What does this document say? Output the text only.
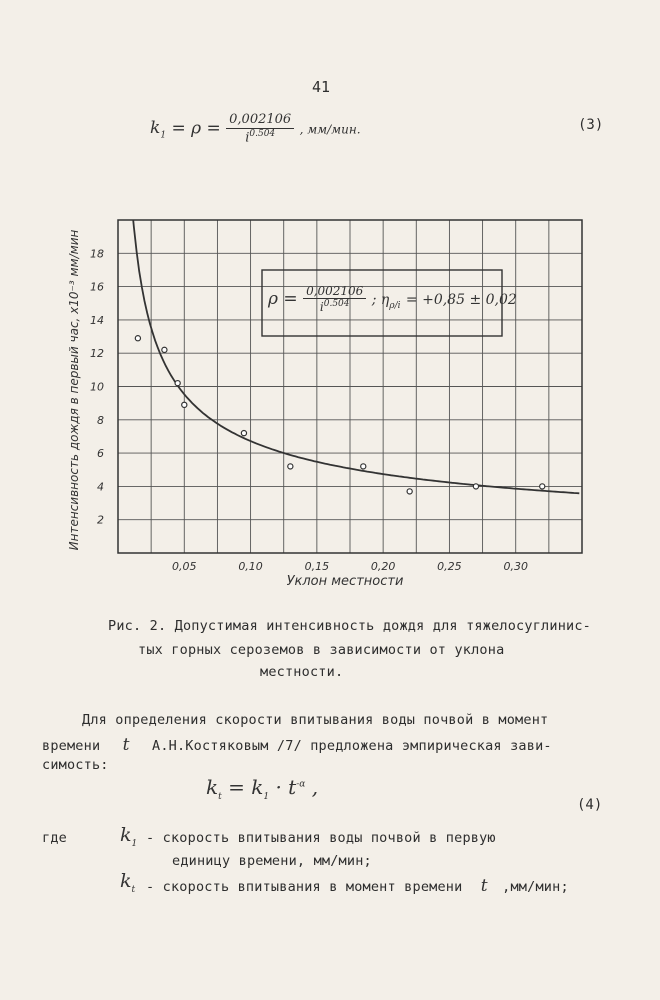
41
$k_1 = \rho = \frac{0,002106}{i^{0.504}}$ , мм/мин.	(3)
0,05	0,10	0,15	0,20	0,25	0,30
2
4
6
8
10
12
14
16
18
Интенсивность дождя в первый час, x10⁻³ мм/мин
Уклон местности
$\rho = \frac{0,002106}{i^{0.504}}$ ; $\eta_{\rho/i} = +0,85 \pm 0,02$
Рис. 2. Допустимая интенсивность дождя для тяжелосуглинис-
тых горных сероземов в зависимости от уклона
местности.
Для определения скорости впитывания воды почвой в момент
времени t А.Н.Костяковым /7/ предложена эмпирическая зави-
симость:
$k_t = k_1 \cdot t^{-\alpha}$ ,
(4)
где	$k_1$ - скорость впитывания воды почвой в первую
единицу времени, мм/мин;
$k_t$ - скорость впитывания в момент времени t ,мм/мин;
